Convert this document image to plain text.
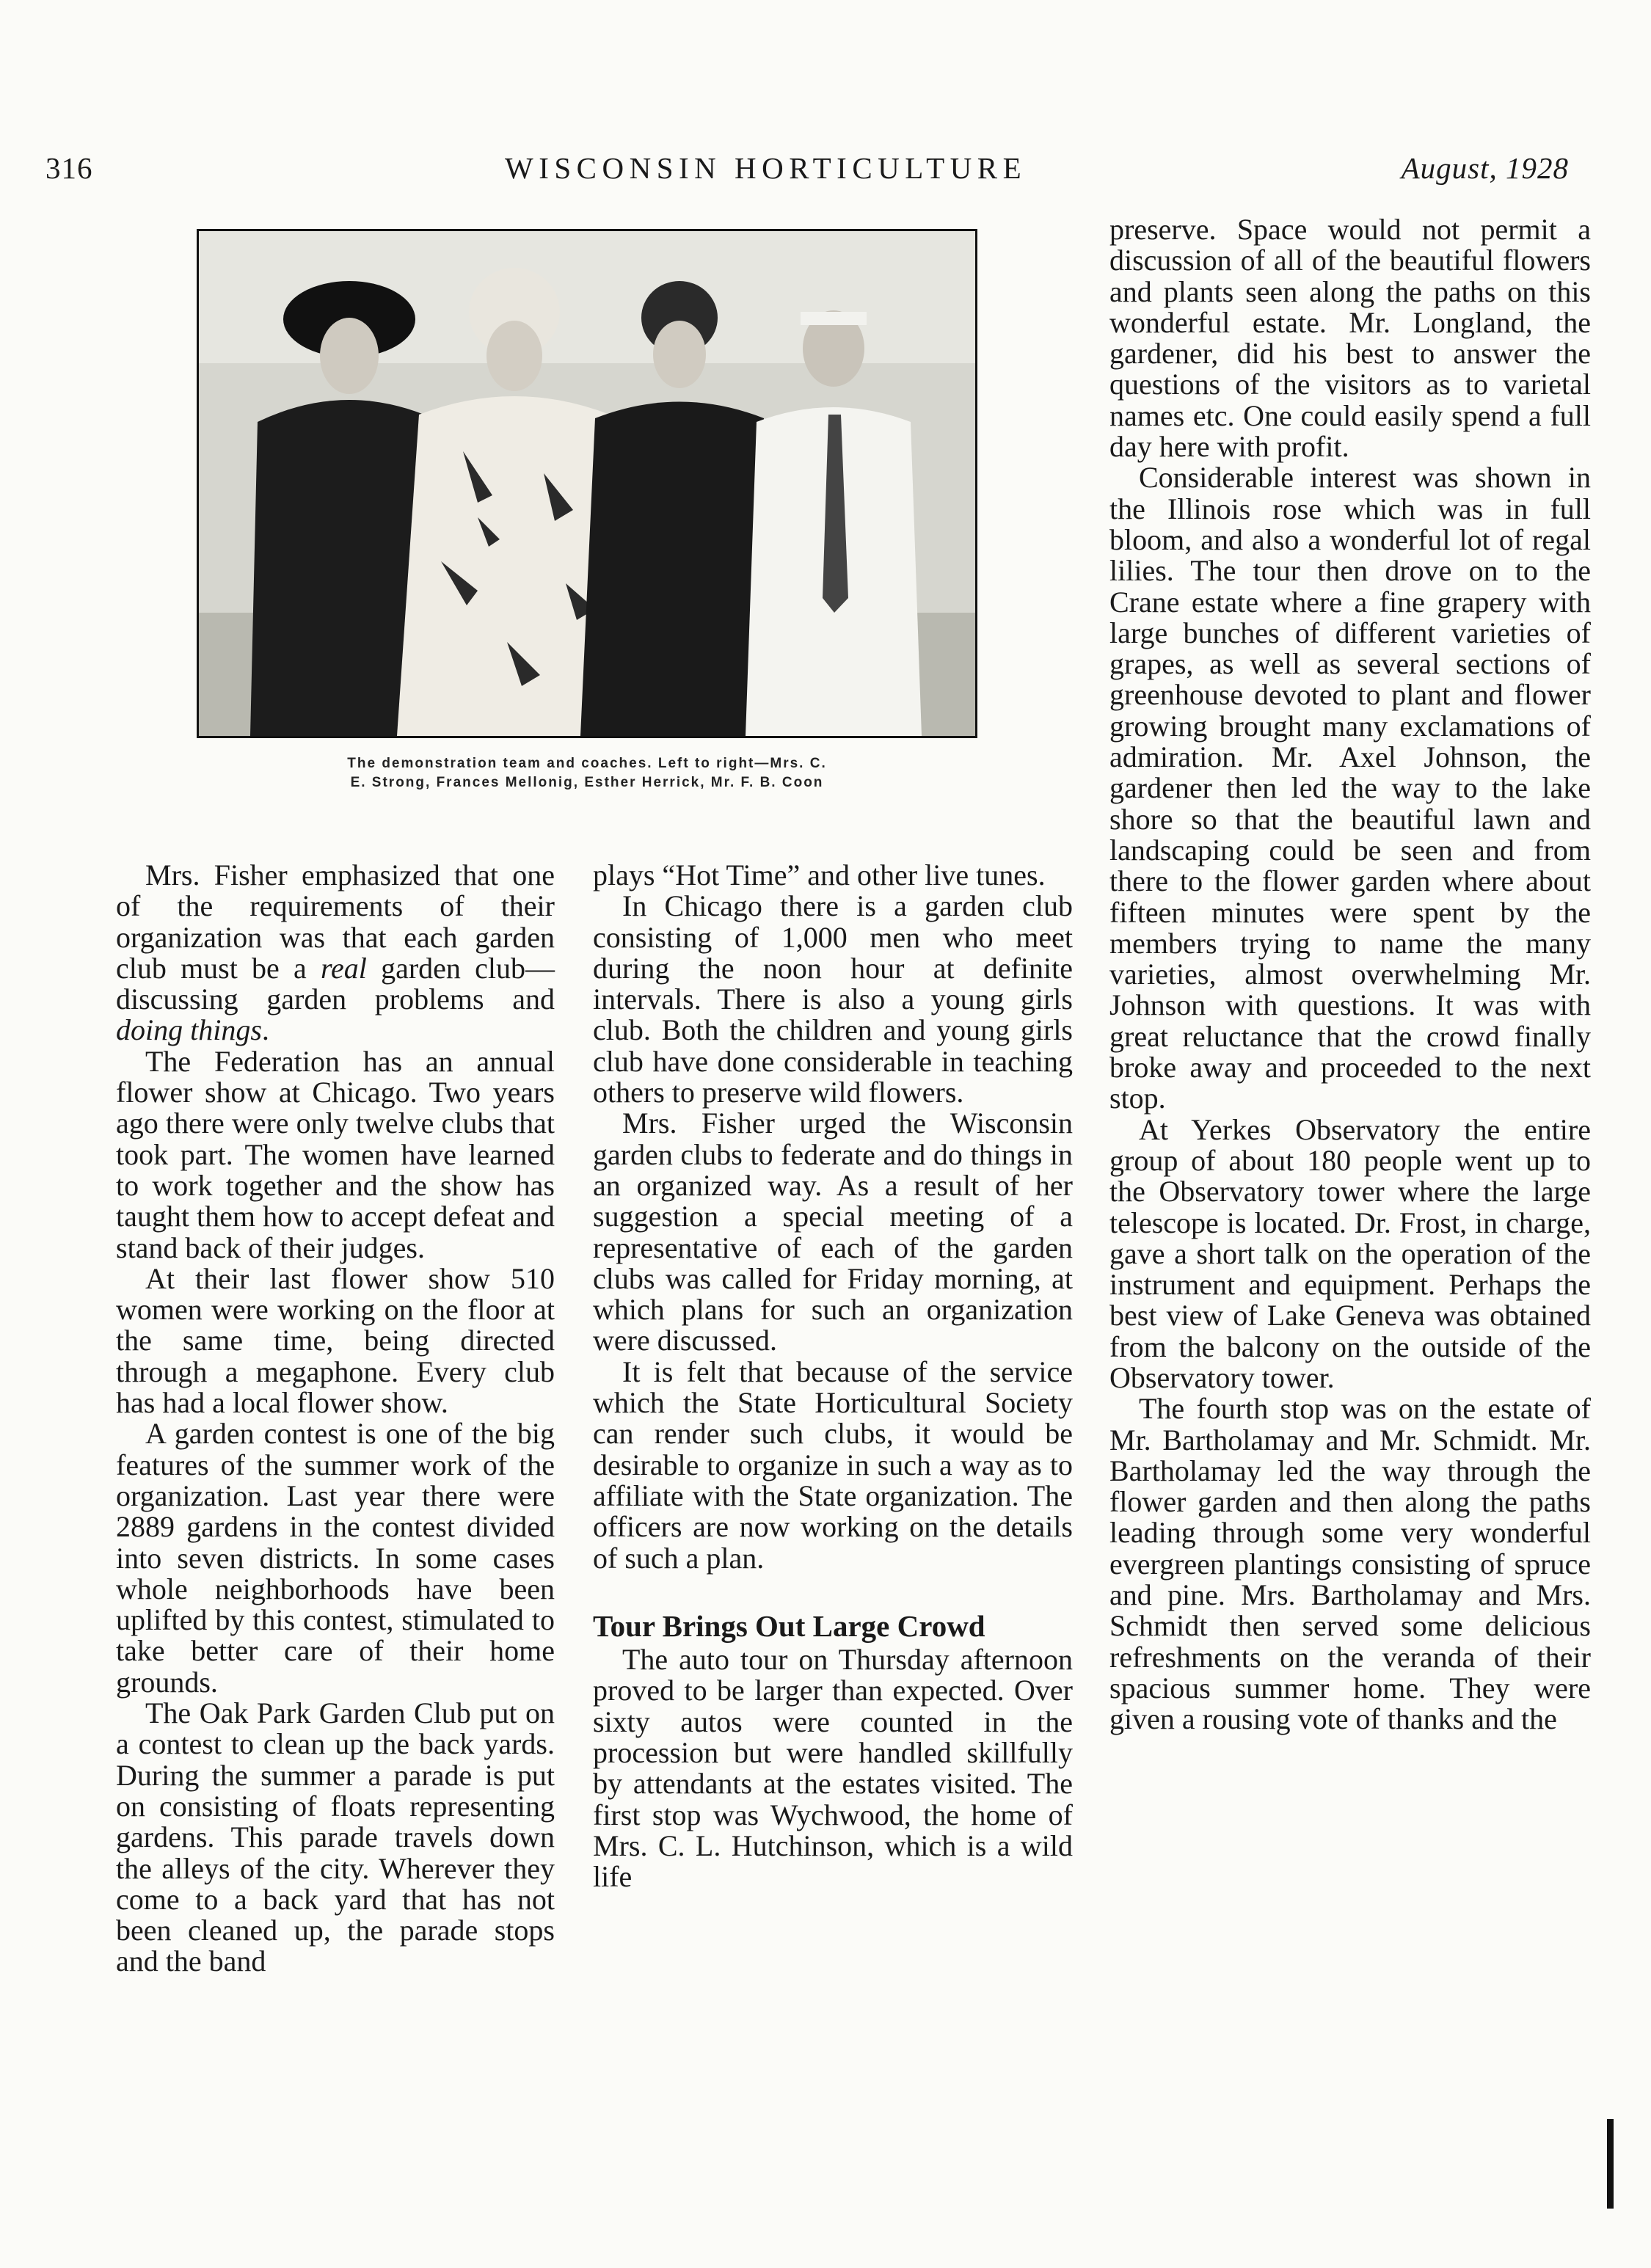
316	WISCONSIN HORTICULTURE	August, 1928
The demonstration team and coaches. Left to right—Mrs. C.
E. Strong, Frances Mellonig, Esther Herrick, Mr. F. B. Coon

Mrs. Fisher emphasized that one of the requirements of their organization was that each garden club must be a real garden club—discussing garden problems and doing things.

The Federation has an annual flower show at Chicago. Two years ago there were only twelve clubs that took part. The women have learned to work together and the show has taught them how to accept defeat and stand back of their judges.

At their last flower show 510 women were working on the floor at the same time, being directed through a megaphone. Every club has had a local flower show.

A garden contest is one of the big features of the summer work of the organization. Last year there were 2889 gardens in the contest divided into seven districts. In some cases whole neighborhoods have been uplifted by this contest, stimulated to take better care of their home grounds.

The Oak Park Garden Club put on a contest to clean up the back yards. During the summer a parade is put on consisting of floats representing gardens. This parade travels down the alleys of the city. Wherever they come to a back yard that has not been cleaned up, the parade stops and the band

plays “Hot Time” and other live tunes.

In Chicago there is a garden club consisting of 1,000 men who meet during the noon hour at definite intervals. There is also a young girls club. Both the children and young girls club have done considerable in teaching others to preserve wild flowers.

Mrs. Fisher urged the Wisconsin garden clubs to federate and do things in an organized way. As a result of her suggestion a special meeting of a representative of each of the garden clubs was called for Friday morning, at which plans for such an organization were discussed.

It is felt that because of the service which the State Horticultural Society can render such clubs, it would be desirable to organize in such a way as to affiliate with the State organization. The officers are now working on the details of such a plan.

Tour Brings Out Large Crowd

The auto tour on Thursday afternoon proved to be larger than expected. Over sixty autos were counted in the procession but were handled skillfully by attendants at the estates visited. The first stop was Wychwood, the home of Mrs. C. L. Hutchinson, which is a wild life

preserve. Space would not permit a discussion of all of the beautiful flowers and plants seen along the paths on this wonderful estate. Mr. Longland, the gardener, did his best to answer the questions of the visitors as to varietal names etc. One could easily spend a full day here with profit.

Considerable interest was shown in the Illinois rose which was in full bloom, and also a wonderful lot of regal lilies. The tour then drove on to the Crane estate where a fine grapery with large bunches of different varieties of grapes, as well as several sections of greenhouse devoted to plant and flower growing brought many exclamations of admiration. Mr. Axel Johnson, the gardener then led the way to the lake shore so that the beautiful lawn and landscaping could be seen and from there to the flower garden where about fifteen minutes were spent by the members trying to name the many varieties, almost overwhelming Mr. Johnson with questions. It was with great reluctance that the crowd finally broke away and proceeded to the next stop.

At Yerkes Observatory the entire group of about 180 people went up to the Observatory tower where the large telescope is located. Dr. Frost, in charge, gave a short talk on the operation of the instrument and equipment. Perhaps the best view of Lake Geneva was obtained from the balcony on the outside of the Observatory tower.

The fourth stop was on the estate of Mr. Bartholamay and Mr. Schmidt. Mr. Bartholamay led the way through the flower garden and then along the paths leading through some very wonderful evergreen plantings consisting of spruce and pine. Mrs. Bartholamay and Mrs. Schmidt then served some delicious refreshments on the veranda of their spacious summer home. They were given a rousing vote of thanks and the
